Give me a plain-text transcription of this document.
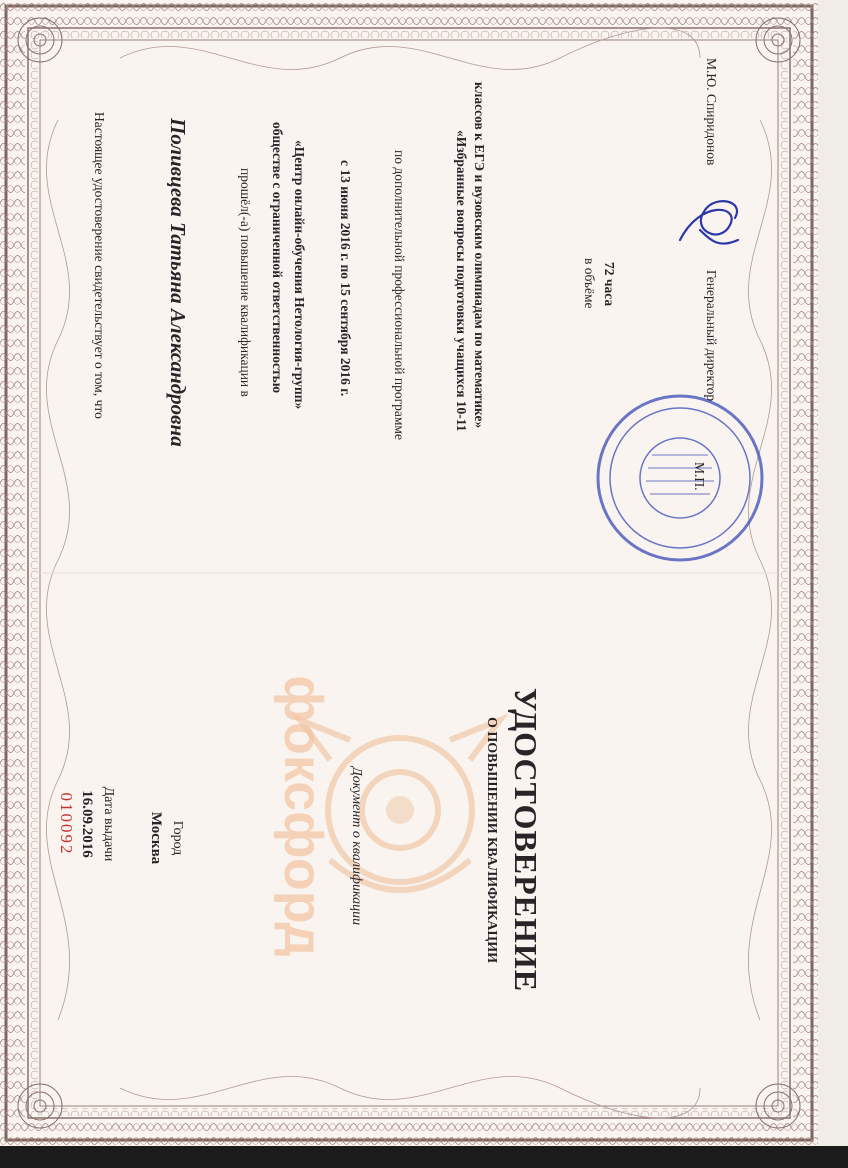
УДОСТОВЕРЕНИЕ
О ПОВЫШЕНИИ КВАЛИФИКАЦИИ
Документ о квалификации
фоксфорд
Город
Москва
Дата выдачи
16.09.2016
010092
Настоящее удостоверение свидетельствует о том, что	Поливцева Татьяна Александровна	прошёл(-а) повышение квалификации в обществе с ограниченной ответственностью «Центр онлайн-обучения Нетология-групп» с 13 июня 2016 г. по 15 сентября 2016 г.	по дополнительной профессиональной программе	«Избранные вопросы подготовки учащихся 10-11 классов к ЕГЭ и вузовским олимпиадам по математике»	в объёме 72 часа
М.П.
Генеральный директор
М.Ю. Спиридонов
